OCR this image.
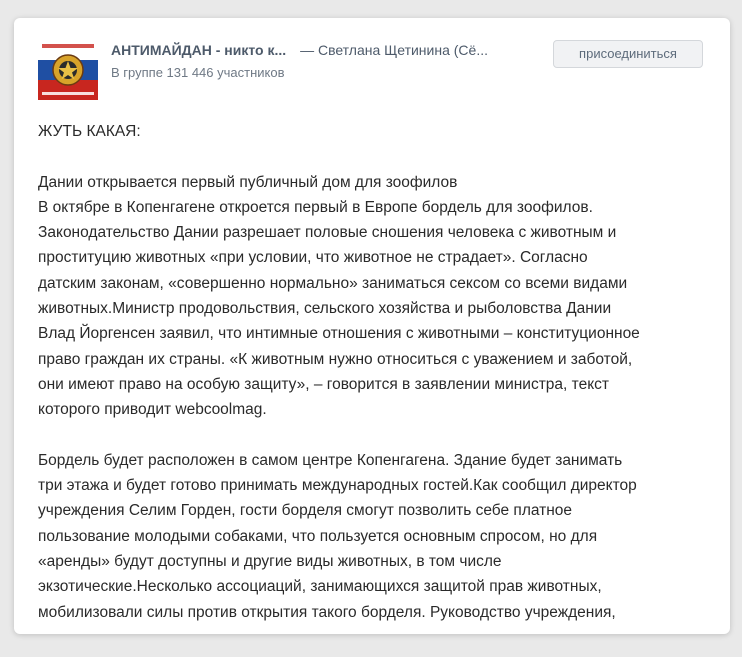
АНТИМАЙДАН - никто к... — Светлана Щетинина (Сё...
В группе 131 446 участников
присоединиться

ЖУТЬ КАКАЯ:

Дании открывается первый публичный дом для зоофилов

В октябре в Копенгагене откроется первый в Европе бордель для зоофилов.

Законодательство Дании разрешает половые сношения человека с животным и

проституцию животных «при условии, что животное не страдает». Согласно

датским законам, «совершенно нормально» заниматься сексом со всеми видами

животных.Министр продовольствия, сельского хозяйства и рыболовства Дании

Влад Йоргенсен заявил, что интимные отношения с животными – конституционное

право граждан их страны. «К животным нужно относиться с уважением и заботой,

они имеют право на особую защиту», – говорится в заявлении министра, текст

которого приводит webcoolmag.

Бордель будет расположен в самом центре Копенгагена. Здание будет занимать

три этажа и будет готово принимать международных гостей.Как сообщил директор

учреждения Селим Горден, гости борделя смогут позволить себе платное

пользование молодыми собаками, что пользуется основным спросом, но для

«аренды» будут доступны и другие виды животных, в том числе

экзотические.Несколько ассоциаций, занимающихся защитой прав животных,

мобилизовали силы против открытия такого борделя. Руководство учреждения,
